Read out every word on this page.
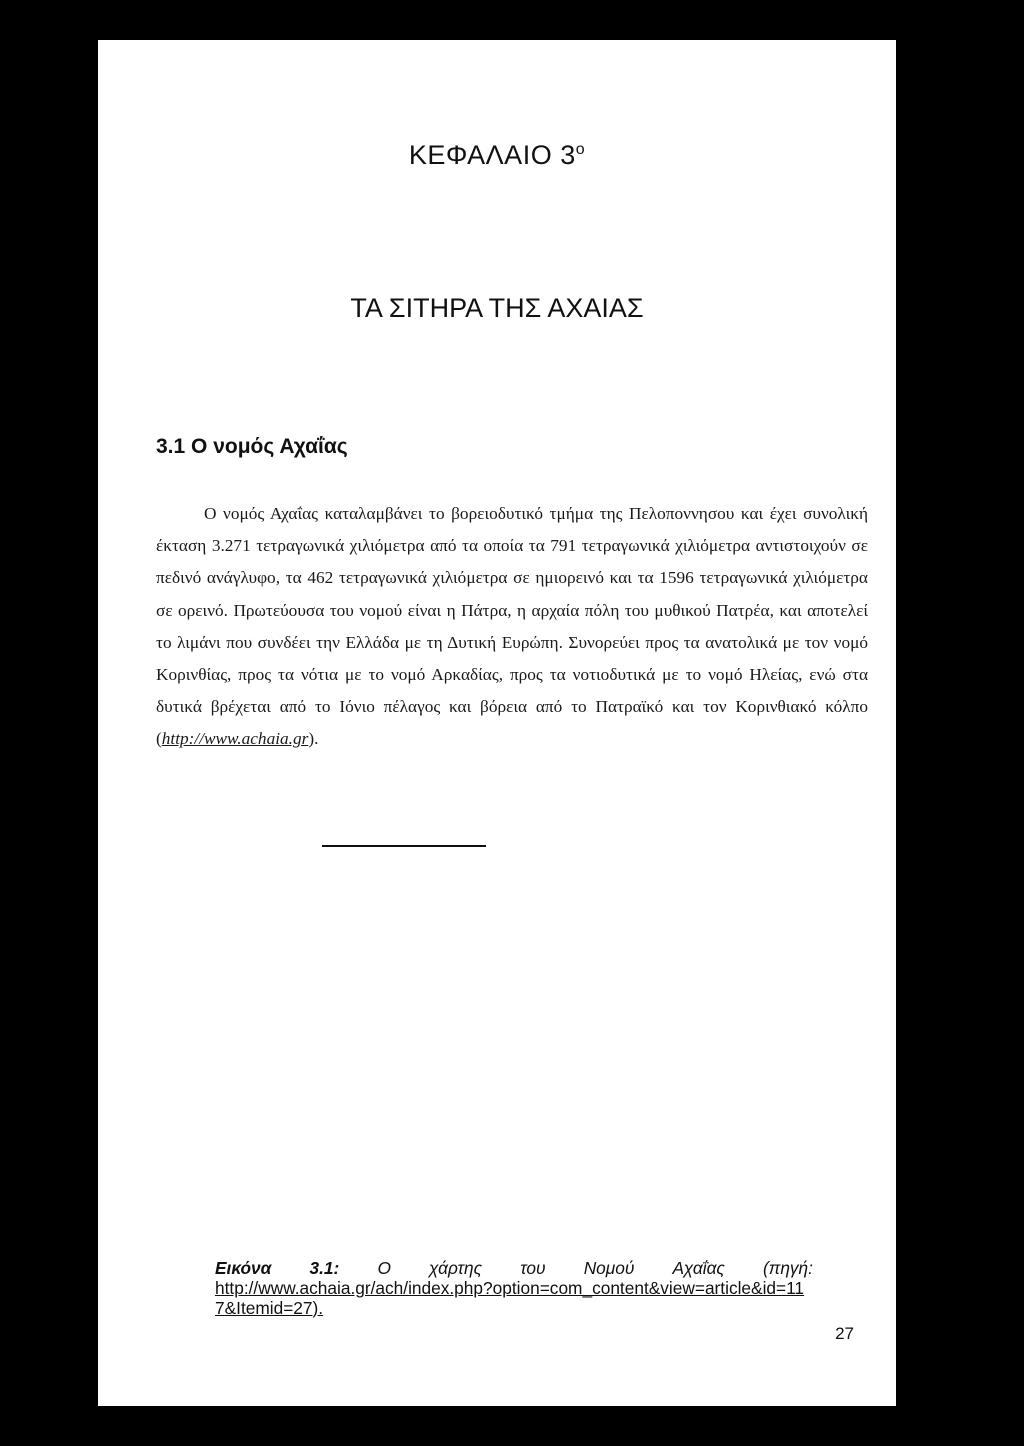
ΚΕΦΑΛΑΙΟ $3^o$
ΤΑ ΣΙΤΗΡΑ ΤΗΣ ΑΧΑΙΑΣ
3.1 Ο νομός Αχαΐας

Ο νομός Αχαΐας καταλαμβάνει το βορειοδυτικό τμήμα της Πελοποννησου και έχει συνολική έκταση 3.271 τετραγωνικά χιλιόμετρα από τα οποία τα 791 τετραγωνικά χιλιόμετρα αντιστοιχούν σε πεδινό ανάγλυφο, τα 462 τετραγωνικά χιλιόμετρα σε ημιορεινό και τα 1596 τετραγωνικά χιλιόμετρα σε ορεινό. Πρωτεύουσα του νομού είναι η Πάτρα, η αρχαία πόλη του μυθικού Πατρέα, και αποτελεί το λιμάνι που συνδέει την Ελλάδα με τη Δυτική Ευρώπη. Συνορεύει προς τα ανατολικά με τον νομό Κορινθίας, προς τα νότια με το νομό Αρκαδίας, προς τα νοτιοδυτικά με το νομό Ηλείας, ενώ στα δυτικά βρέχεται από το Ιόνιο πέλαγος και βόρεια από το Πατραϊκό και τον Κορινθιακό κόλπο (http://www.achaia.gr).

Εικόνα 3.1: Ο χάρτης του Νομού Αχαΐας (πηγή:
http://www.achaia.gr/ach/index.php?option=com_content&view=article&id=117&Itemid=27).
27
